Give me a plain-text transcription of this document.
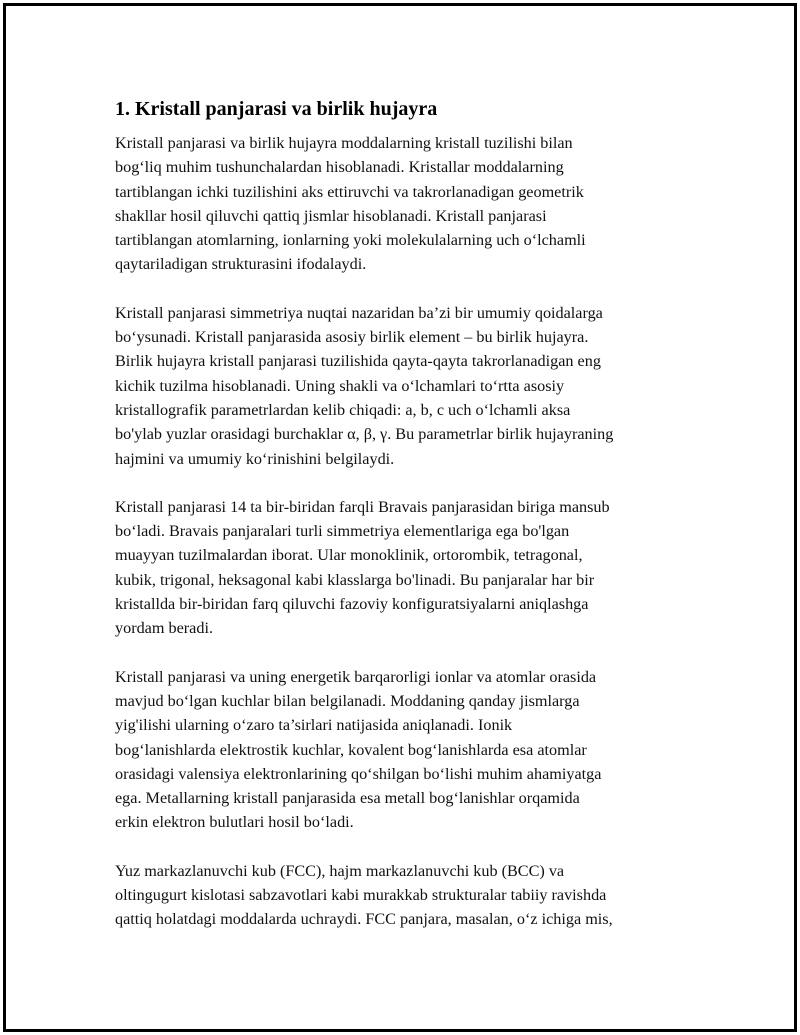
1. Kristall panjarasi va birlik hujayra
Kristall panjarasi va birlik hujayra moddalarning kristall tuzilishi bilan
bog‘liq muhim tushunchalardan hisoblanadi. Kristallar moddalarning
tartiblangan ichki tuzilishini aks ettiruvchi va takrorlanadigan geometrik
shakllar hosil qiluvchi qattiq jismlar hisoblanadi. Kristall panjarasi
tartiblangan atomlarning, ionlarning yoki molekulalarning uch o‘lchamli
qaytariladigan strukturasini ifodalaydi.
Kristall panjarasi simmetriya nuqtai nazaridan ba’zi bir umumiy qoidalarga
bo‘ysunadi. Kristall panjarasida asosiy birlik element – bu birlik hujayra.
Birlik hujayra kristall panjarasi tuzilishida qayta-qayta takrorlanadigan eng
kichik tuzilma hisoblanadi. Uning shakli va o‘lchamlari to‘rtta asosiy
kristallografik parametrlardan kelib chiqadi: a, b, c uch o‘lchamli aksa
bo'ylab yuzlar orasidagi burchaklar α, β, γ. Bu parametrlar birlik hujayraning
hajmini va umumiy ko‘rinishini belgilaydi.
Kristall panjarasi 14 ta bir-biridan farqli Bravais panjarasidan biriga mansub
bo‘ladi. Bravais panjaralari turli simmetriya elementlariga ega bo'lgan
muayyan tuzilmalardan iborat. Ular monoklinik, ortorombik, tetragonal,
kubik, trigonal, heksagonal kabi klasslarga bo'linadi. Bu panjaralar har bir
kristallda bir-biridan farq qiluvchi fazoviy konfiguratsiyalarni aniqlashga
yordam beradi.
Kristall panjarasi va uning energetik barqarorligi ionlar va atomlar orasida
mavjud bo‘lgan kuchlar bilan belgilanadi. Moddaning qanday jismlarga
yig'ilishi ularning o‘zaro ta’sirlari natijasida aniqlanadi. Ionik
bog‘lanishlarda elektrostik kuchlar, kovalent bog‘lanishlarda esa atomlar
orasidagi valensiya elektronlarining qo‘shilgan bo‘lishi muhim ahamiyatga
ega. Metallarning kristall panjarasida esa metall bog‘lanishlar orqamida
erkin elektron bulutlari hosil bo‘ladi.
Yuz markazlanuvchi kub (FCC), hajm markazlanuvchi kub (BCC) va
oltingugurt kislotasi sabzavotlari kabi murakkab strukturalar tabiiy ravishda
qattiq holatdagi moddalarda uchraydi. FCC panjara, masalan, o‘z ichiga mis,
